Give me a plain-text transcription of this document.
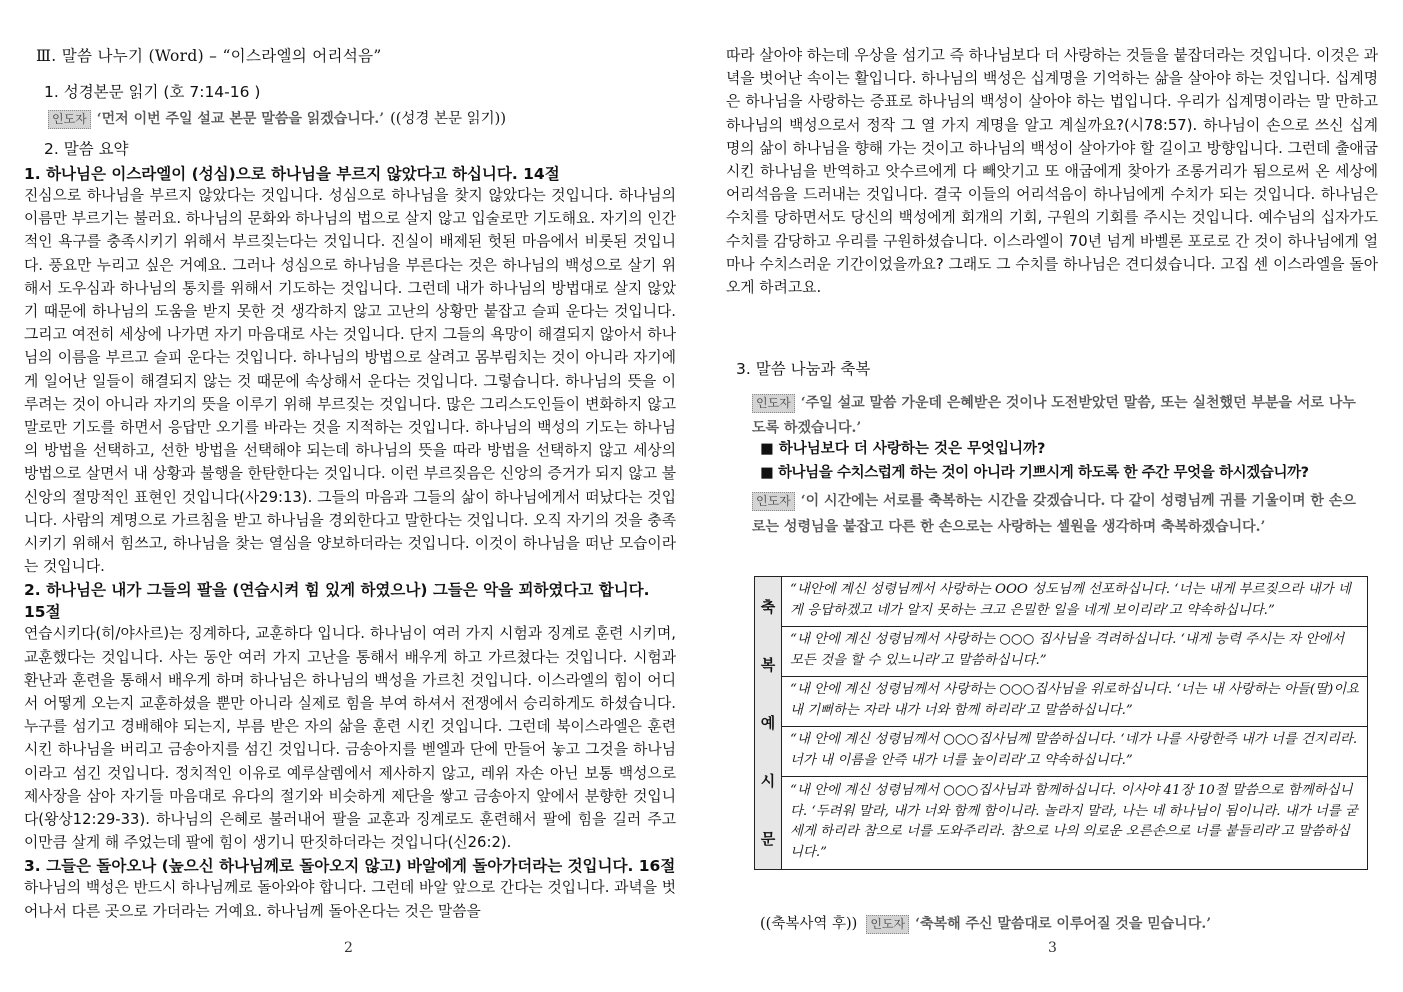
Ⅲ. 말씀 나누기 (Word) – “이스라엘의 어리석음”
1. 성경본문 읽기 (호 7:14-16 )
인도자 ‘먼저 이번 주일 설교 본문 말씀을 읽겠습니다.’ ((성경 본문 읽기))
2. 말씀 요약
1. 하나님은 이스라엘이 (성심)으로 하나님을 부르지 않았다고 하십니다. 14절
진심으로 하나님을 부르지 않았다는 것입니다. 성심으로 하나님을 찾지 않았다는 것입니다. 하나님의 이름만 부르기는 불러요. 하나님의 문화와 하나님의 법으로 살지 않고 입술로만 기도해요. 자기의 인간적인 욕구를 충족시키기 위해서 부르짖는다는 것입니다. 진실이 배제된 헛된 마음에서 비롯된 것입니다. 풍요만 누리고 싶은 거예요. 그러나 성심으로 하나님을 부른다는 것은 하나님의 백성으로 살기 위해서 도우심과 하나님의 통치를 위해서 기도하는 것입니다. 그런데 내가 하나님의 방법대로 살지 않았기 때문에 하나님의 도움을 받지 못한 것 생각하지 않고 고난의 상황만 붙잡고 슬피 운다는 것입니다. 그리고 여전히 세상에 나가면 자기 마음대로 사는 것입니다. 단지 그들의 욕망이 해결되지 않아서 하나님의 이름을 부르고 슬피 운다는 것입니다. 하나님의 방법으로 살려고 몸부림치는 것이 아니라 자기에게 일어난 일들이 해결되지 않는 것 때문에 속상해서 운다는 것입니다. 그렇습니다. 하나님의 뜻을 이루려는 것이 아니라 자기의 뜻을 이루기 위해 부르짖는 것입니다. 많은 그리스도인들이 변화하지 않고 말로만 기도를 하면서 응답만 오기를 바라는 것을 지적하는 것입니다. 하나님의 백성의 기도는 하나님의 방법을 선택하고, 선한 방법을 선택해야 되는데 하나님의 뜻을 따라 방법을 선택하지 않고 세상의 방법으로 살면서 내 상황과 불행을 한탄한다는 것입니다. 이런 부르짖음은 신앙의 증거가 되지 않고 불신앙의 절망적인 표현인 것입니다(사29:13). 그들의 마음과 그들의 삶이 하나님에게서 떠났다는 것입니다. 사람의 계명으로 가르침을 받고 하나님을 경외한다고 말한다는 것입니다. 오직 자기의 것을 충족시키기 위해서 힘쓰고, 하나님을 찾는 열심을 양보하더라는 것입니다. 이것이 하나님을 떠난 모습이라는 것입니다.
2. 하나님은 내가 그들의 팔을 (연습시켜 힘 있게 하였으나) 그들은 악을 꾀하였다고 합니다. 15절
연습시키다(히/야사르)는 징계하다, 교훈하다 입니다. 하나님이 여러 가지 시험과 징계로 훈련 시키며, 교훈했다는 것입니다. 사는 동안 여러 가지 고난을 통해서 배우게 하고 가르쳤다는 것입니다. 시험과 환난과 훈련을 통해서 배우게 하며 하나님은 하나님의 백성을 가르친 것입니다. 이스라엘의 힘이 어디서 어떻게 오는지 교훈하셨을 뿐만 아니라 실제로 힘을 부여 하셔서 전쟁에서 승리하게도 하셨습니다. 누구를 섬기고 경배해야 되는지, 부름 받은 자의 삶을 훈련 시킨 것입니다. 그런데 북이스라엘은 훈련 시킨 하나님을 버리고 금송아지를 섬긴 것입니다. 금송아지를 벧엘과 단에 만들어 놓고 그것을 하나님이라고 섬긴 것입니다. 정치적인 이유로 예루살렘에서 제사하지 않고, 레위 자손 아닌 보통 백성으로 제사장을 삼아 자기들 마음대로 유다의 절기와 비슷하게 제단을 쌓고 금송아지 앞에서 분향한 것입니다(왕상12:29-33). 하나님의 은혜로 불러내어 팔을 교훈과 징계로도 훈련해서 팔에 힘을 길러 주고 이만큼 살게 해 주었는데 팔에 힘이 생기니 딴짓하더라는 것입니다(신26:2).
3. 그들은 돌아오나 (높으신 하나님께로 돌아오지 않고) 바알에게 돌아가더라는 것입니다. 16절
하나님의 백성은 반드시 하나님께로 돌아와야 합니다. 그런데 바알 앞으로 간다는 것입니다. 과녁을 벗어나서 다른 곳으로 가더라는 거예요. 하나님께 돌아온다는 것은 말씀을
2
따라 살아야 하는데 우상을 섬기고 즉 하나님보다 더 사랑하는 것들을 붙잡더라는 것입니다. 이것은 과녁을 벗어난 속이는 활입니다. 하나님의 백성은 십계명을 기억하는 삶을 살아야 하는 것입니다. 십계명은 하나님을 사랑하는 증표로 하나님의 백성이 살아야 하는 법입니다. 우리가 십계명이라는 말 만하고 하나님의 백성으로서 정작 그 열 가지 계명을 알고 계실까요?(시78:57). 하나님이 손으로 쓰신 십계명의 삶이 하나님을 향해 가는 것이고 하나님의 백성이 살아가야 할 길이고 방향입니다. 그런데 출애굽 시킨 하나님을 반역하고 앗수르에게 다 빼앗기고 또 애굽에게 찾아가 조롱거리가 됨으로써 온 세상에 어리석음을 드러내는 것입니다. 결국 이들의 어리석음이 하나님에게 수치가 되는 것입니다. 하나님은 수치를 당하면서도 당신의 백성에게 회개의 기회, 구원의 기회를 주시는 것입니다. 예수님의 십자가도 수치를 감당하고 우리를 구원하셨습니다. 이스라엘이 70년 넘게 바벨론 포로로 간 것이 하나님에게 얼마나 수치스러운 기간이었을까요? 그래도 그 수치를 하나님은 견디셨습니다. 고집 센 이스라엘을 돌아오게 하려고요.
3. 말씀 나눔과 축복
인도자 ‘주일 설교 말씀 가운데 은혜받은 것이나 도전받았던 말씀, 또는 실천했던 부분을 서로 나누도록 하겠습니다.’
■ 하나님보다 더 사랑하는 것은 무엇입니까?
■ 하나님을 수치스럽게 하는 것이 아니라 기쁘시게 하도록 한 주간 무엇을 하시겠습니까?
인도자 ‘이 시간에는 서로를 축복하는 시간을 갖겠습니다. 다 같이 성령님께 귀를 기울이며 한 손으로는 성령님을 붙잡고 다른 한 손으로는 사랑하는 셀원을 생각하며 축복하겠습니다.’
축
복
예
시
문
	“내안에 계신 성령님께서 사랑하는 OOO 성도님께 선포하십니다. ‘너는 내게 부르짖으라 내가 네게 응답하겠고 네가 알지 못하는 크고 은밀한 일을 네게 보이리라’고 약속하십니다.”
“내 안에 계신 성령님께서 사랑하는 ○○○ 집사님을 격려하십니다. ‘내게 능력 주시는 자 안에서 모든 것을 할 수 있느니라’고 말씀하십니다.”
“내 안에 계신 성령님께서 사랑하는 ○○○집사님을 위로하십니다. ‘너는 내 사랑하는 아들(딸)이요 내 기뻐하는 자라 내가 너와 함께 하리라’고 말씀하십니다.”
“내 안에 계신 성령님께서 ○○○집사님께 말씀하십니다. ‘네가 나를 사랑한즉 내가 너를 건지리라. 너가 내 이름을 안즉 내가 너를 높이리라’고 약속하십니다.”
“내 안에 계신 성령님께서 ○○○집사님과 함께하십니다. 이사야 41장 10절 말씀으로 함께하십니다. ‘두려워 말라, 내가 너와 함께 함이니라. 놀라지 말라, 나는 네 하나님이 됨이니라. 내가 너를 굳세게 하리라 참으로 너를 도와주리라. 참으로 나의 의로운 오른손으로 너를 붙들리라’고 말씀하십니다.”
((축복사역 후)) 인도자 ‘축복해 주신 말씀대로 이루어질 것을 믿습니다.’
3
